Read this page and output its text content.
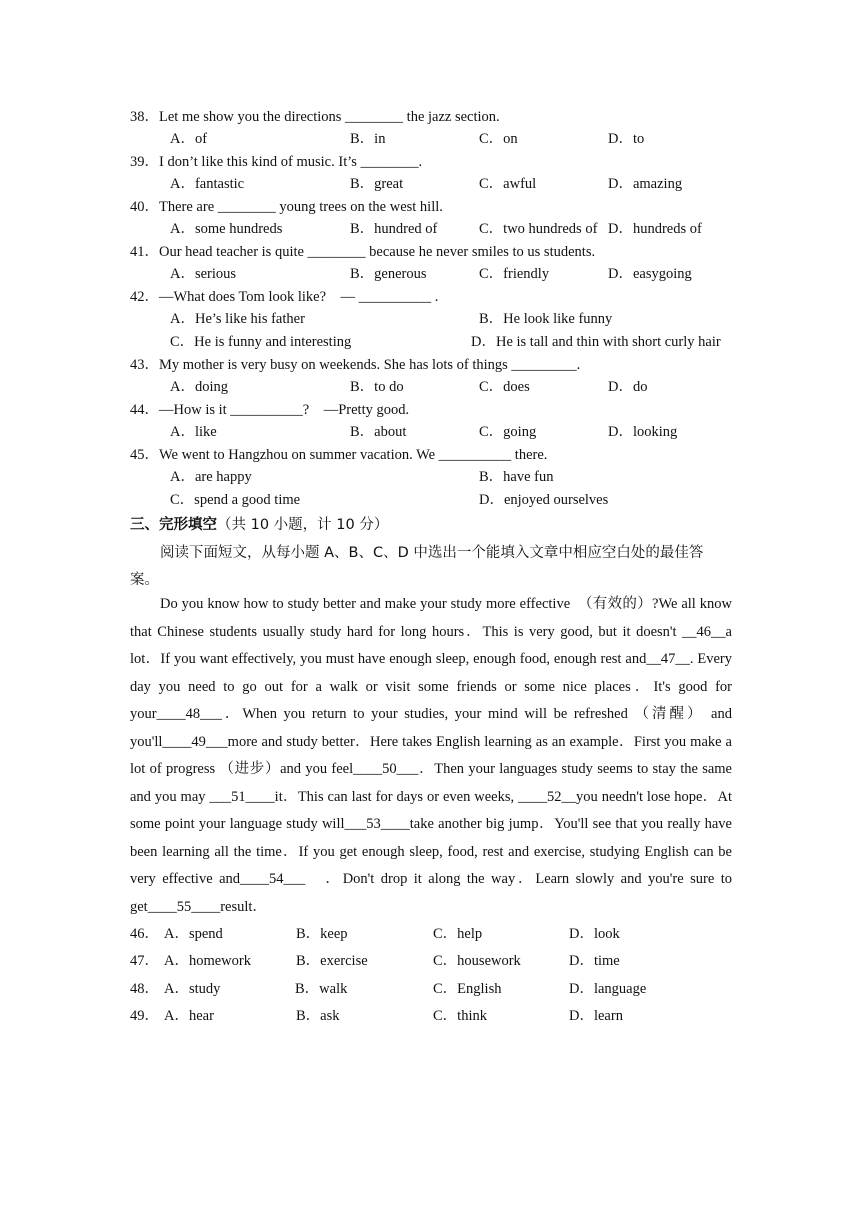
38．Let me show you the directions ________ the jazz section.
A．of	B．in	C．on	D．to
39．I don’t like this kind of music. It’s ________.
A．fantastic	B．great	C．awful	D．amazing
40．There are ________ young trees on the west hill.
A．some hundreds	B．hundred of	C．two hundreds of D．hundreds of
41．Our head teacher is quite ________ because he never smiles to us students.
A．serious	B．generous	C．friendly	D．easygoing
42．—What does Tom look like?　— __________ .
A．He’s like his father	B．He look like funny
C．He is funny and interesting	D．He is tall and thin with short curly hair
43．My mother is very busy on weekends. She has lots of things _________.
A．doing	B．to do	C．does	D．do
44．—How is it __________?　—Pretty good.
A．like	B．about	C．going	D．looking
45．We went to Hangzhou on summer vacation. We __________ there.
A．are happy	B．have fun
C．spend a good time	D．enjoyed ourselves
三、完形填空（共 10 小题，计 10 分）
阅读下面短文，从每小题 A、B、C、D 中选出一个能填入文章中相应空白处的最佳答案。

Do you know how to study better and make your study more effective　（有效的）?We all know that Chinese students usually study hard for long hours．This is very good, but it doesn't __46__a lot．If you want effectively, you must have enough sleep, enough food, enough rest and__47__. Every day you need to go out for a walk or visit some friends or some nice places．It's good for your____48___．When you return to your studies, your mind will be refreshed （清醒） and you'll____49___more and study better．Here takes English learning as an example．First you make a lot of progress （进步）and you feel____50___．Then your languages study seems to stay the same and you may ___51____it．This can last for days or even weeks, ____52__you needn't lose hope．At some point your language study will___53____take another big jump．You'll see that you really have been learning all the time．If you get enough sleep, food, rest and exercise, studying English can be very effective and____54___　．Don't drop it along the way．Learn slowly and you're sure to get____55____result．

46． A．spend	B．keep	C．help	D．look
47． A．homework	B．exercise	C．housework	D．time
48． A．study	B．walk	C．English	D．language
49． A．hear	B．ask	C．think	D．learn
